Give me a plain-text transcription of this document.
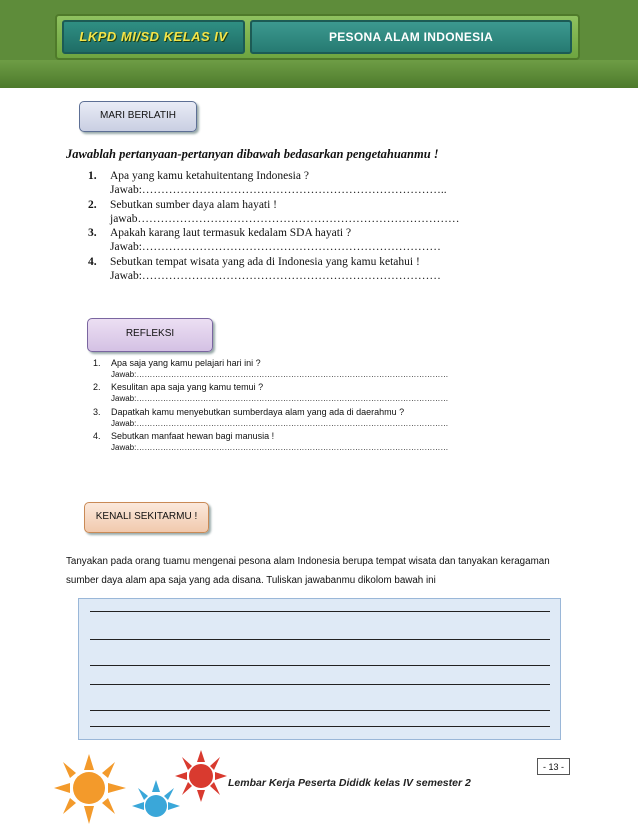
LKPD MI/SD KELAS IV	PESONA ALAM INDONESIA
MARI BERLATIH
Jawablah pertanyaan-pertanyan dibawah bedasarkan pengetahuanmu !
1. Apa yang kamu ketahuitentang Indonesia ?
Jawab:……………………………………………………………………..
2. Sebutkan sumber daya alam hayati !
jawab…………………………………………………………………………
3. Apakah karang laut termasuk kedalam SDA hayati ?
Jawab:……………………………………………………………………
4. Sebutkan tempat wisata yang ada di Indonesia yang kamu ketahui !
Jawab:……………………………………………………………………
REFLEKSI
1. Apa saja yang kamu pelajari hari ini ?
Jawab:………………………………………………………………………………………………………
2. Kesulitan apa saja yang kamu temui ?
Jawab:………………………………………………………………………………………………………
3. Dapatkah kamu menyebutkan sumberdaya alam yang ada di daerahmu ?
Jawab:………………………………………………………………………………………………………
4. Sebutkan manfaat hewan bagi manusia !
Jawab:………………………………………………………………………………………………………
KENALI SEKITARMU !
Tanyakan pada orang tuamu mengenai pesona alam Indonesia berupa tempat wisata dan tanyakan keragaman sumber daya alam apa saja yang ada disana. Tuliskan jawabanmu dikolom bawah ini
- 13 -
Lembar Kerja Peserta Dididk kelas IV semester 2
